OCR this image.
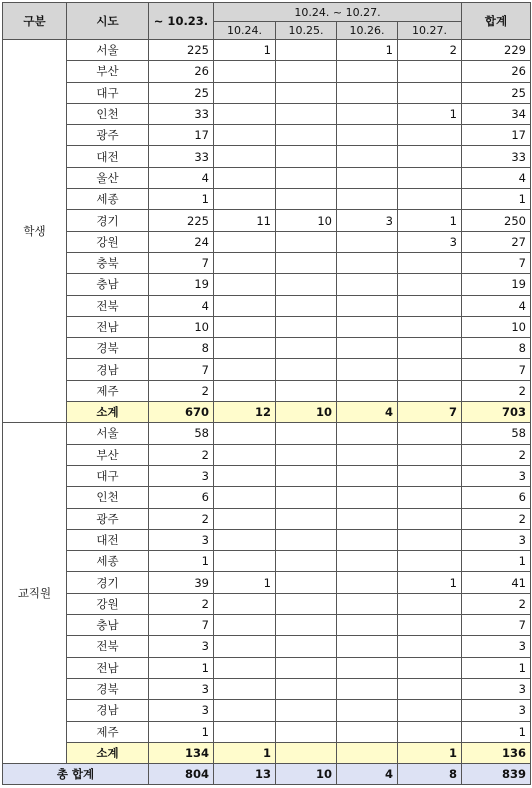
구분	시도	~ 10.23.	10.24. ~ 10.27.				합계
			10.24.	10.25.	10.26.	10.27.	
학생	서울	225	1		1	2	229
	부산	26					26
	대구	25					25
	인천	33				1	34
	광주	17					17
	대전	33					33
	울산	4					4
	세종	1					1
	경기	225	11	10	3	1	250
	강원	24				3	27
	충북	7					7
	충남	19					19
	전북	4					4
	전남	10					10
	경북	8					8
	경남	7					7
	제주	2					2
	소계	670	12	10	4	7	703
교직원	서울	58					58
	부산	2					2
	대구	3					3
	인천	6					6
	광주	2					2
	대전	3					3
	세종	1					1
	경기	39	1			1	41
	강원	2					2
	충남	7					7
	전북	3					3
	전남	1					1
	경북	3					3
	경남	3					3
	제주	1					1
	소계	134	1			1	136
총 합계		804	13	10	4	8	839
